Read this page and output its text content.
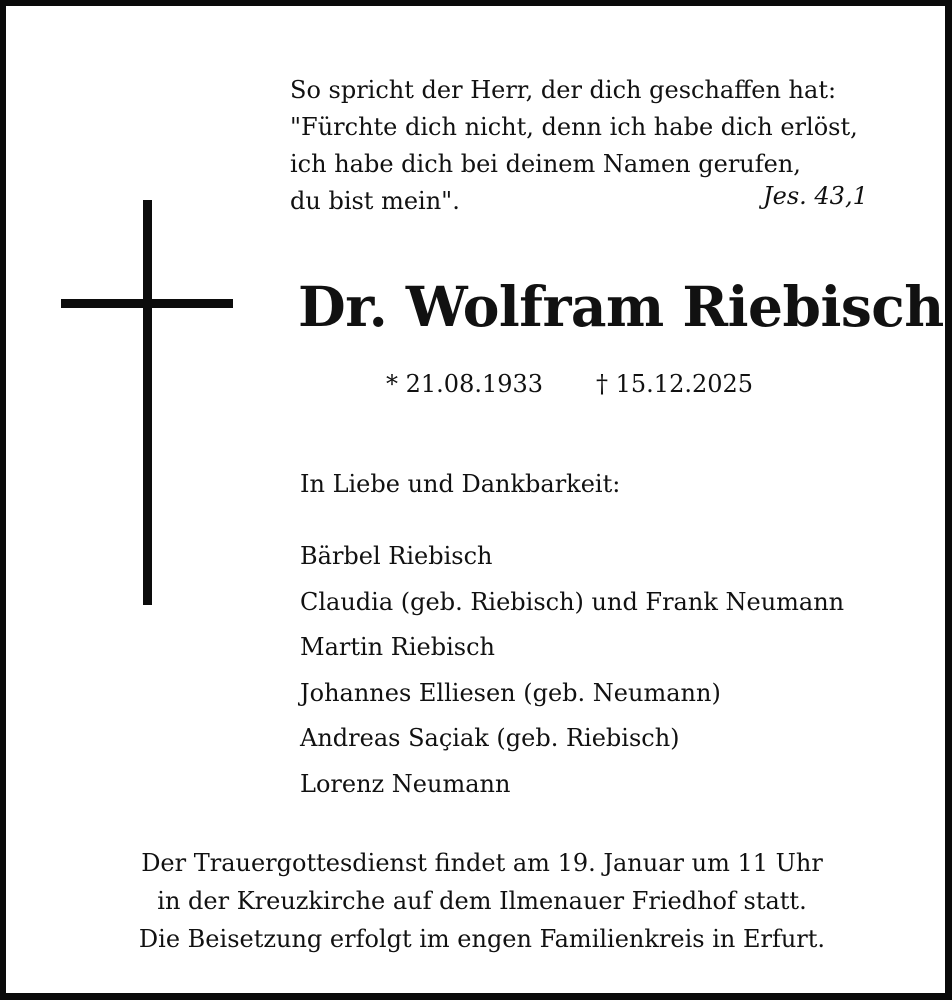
So spricht der Herr, der dich geschaffen hat:
"Fürchte dich nicht, denn ich habe dich erlöst,
ich habe dich bei deinem Namen gerufen,
du bist mein".	Jes. 43,1
Dr. Wolfram Riebisch
* 21.08.1933 † 15.12.2025
In Liebe und Dankbarkeit:
Bärbel Riebisch
Claudia (geb. Riebisch) und Frank Neumann
Martin Riebisch
Johannes Elliesen (geb. Neumann)
Andreas Saçiak (geb. Riebisch)
Lorenz Neumann
Der Trauergottesdienst findet am 19. Januar um 11 Uhr
in der Kreuzkirche auf dem Ilmenauer Friedhof statt.
Die Beisetzung erfolgt im engen Familienkreis in Erfurt.
